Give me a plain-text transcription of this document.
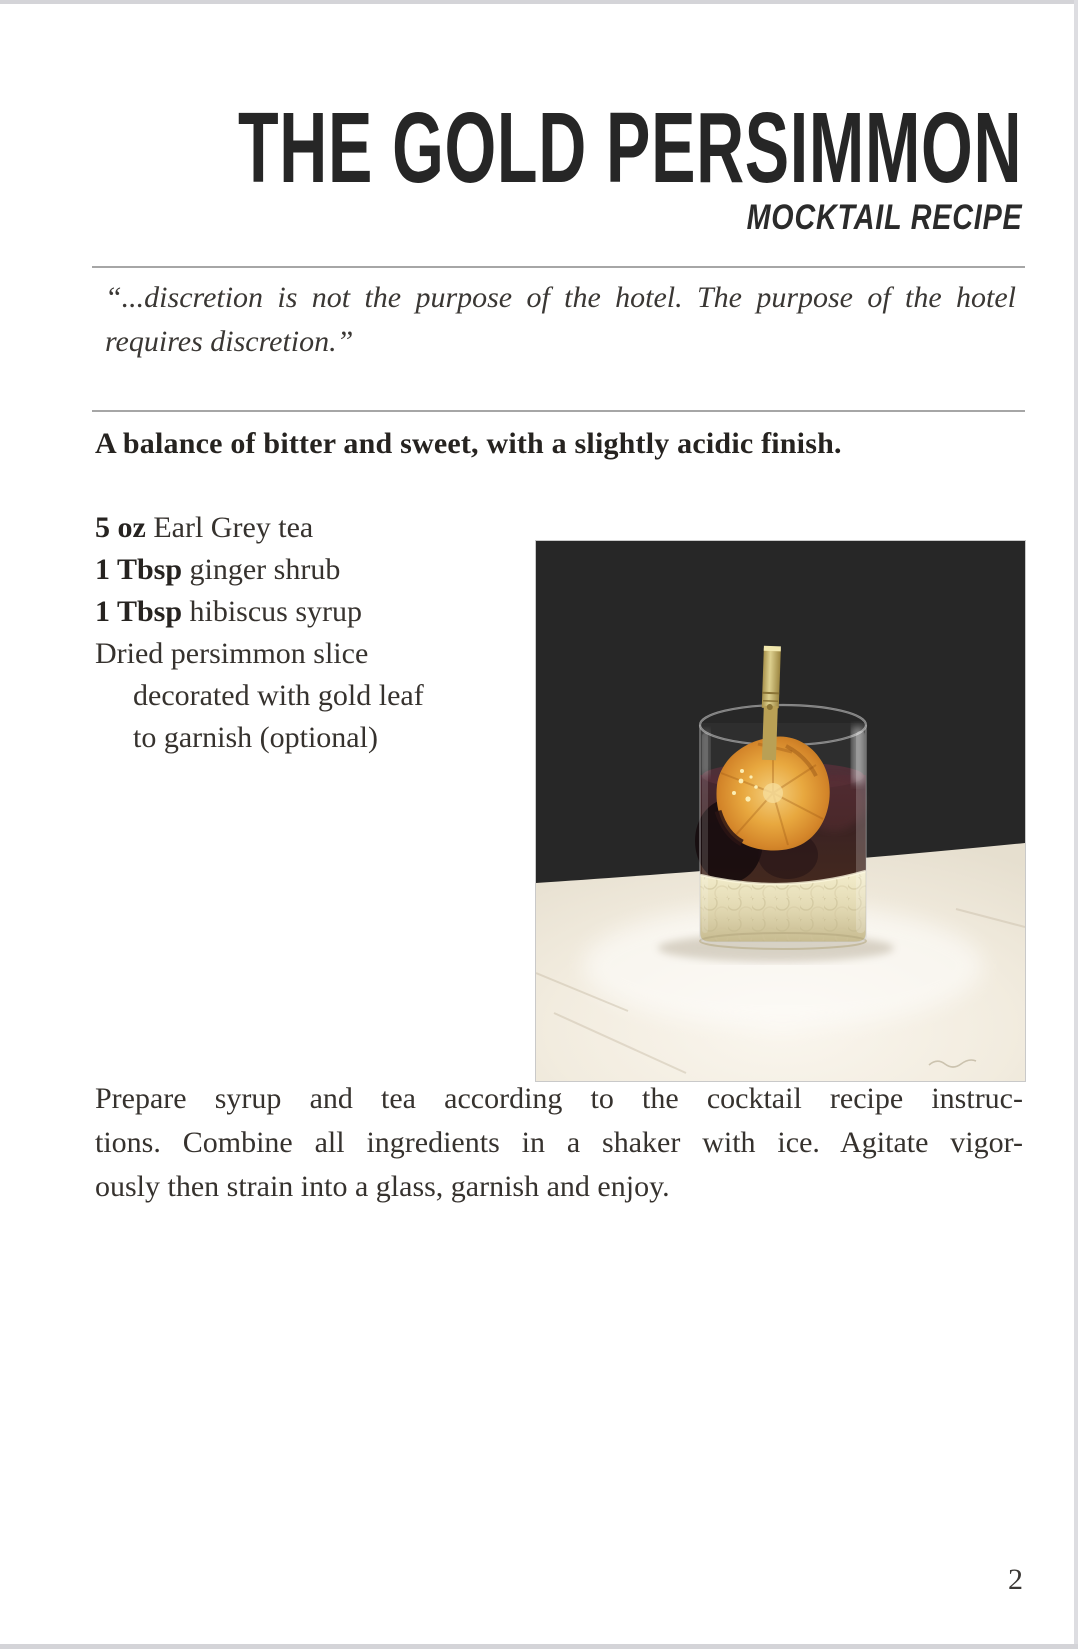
THE GOLD PERSIMMON
MOCKTAIL RECIPE
“...discretion is not the purpose of the hotel. The purpose of the hotel
requires discretion.”
A balance of bitter and sweet, with a slightly acidic finish.
5 oz Earl Grey tea
1 Tbsp ginger shrub
1 Tbsp hibiscus syrup
Dried persimmon slice
decorated with gold leaf
to garnish (optional)
Prepare syrup and tea according to the cocktail recipe instruc-
tions. Combine all ingredients in a shaker with ice. Agitate vigor-
ously then strain into a glass, garnish and enjoy.
2
